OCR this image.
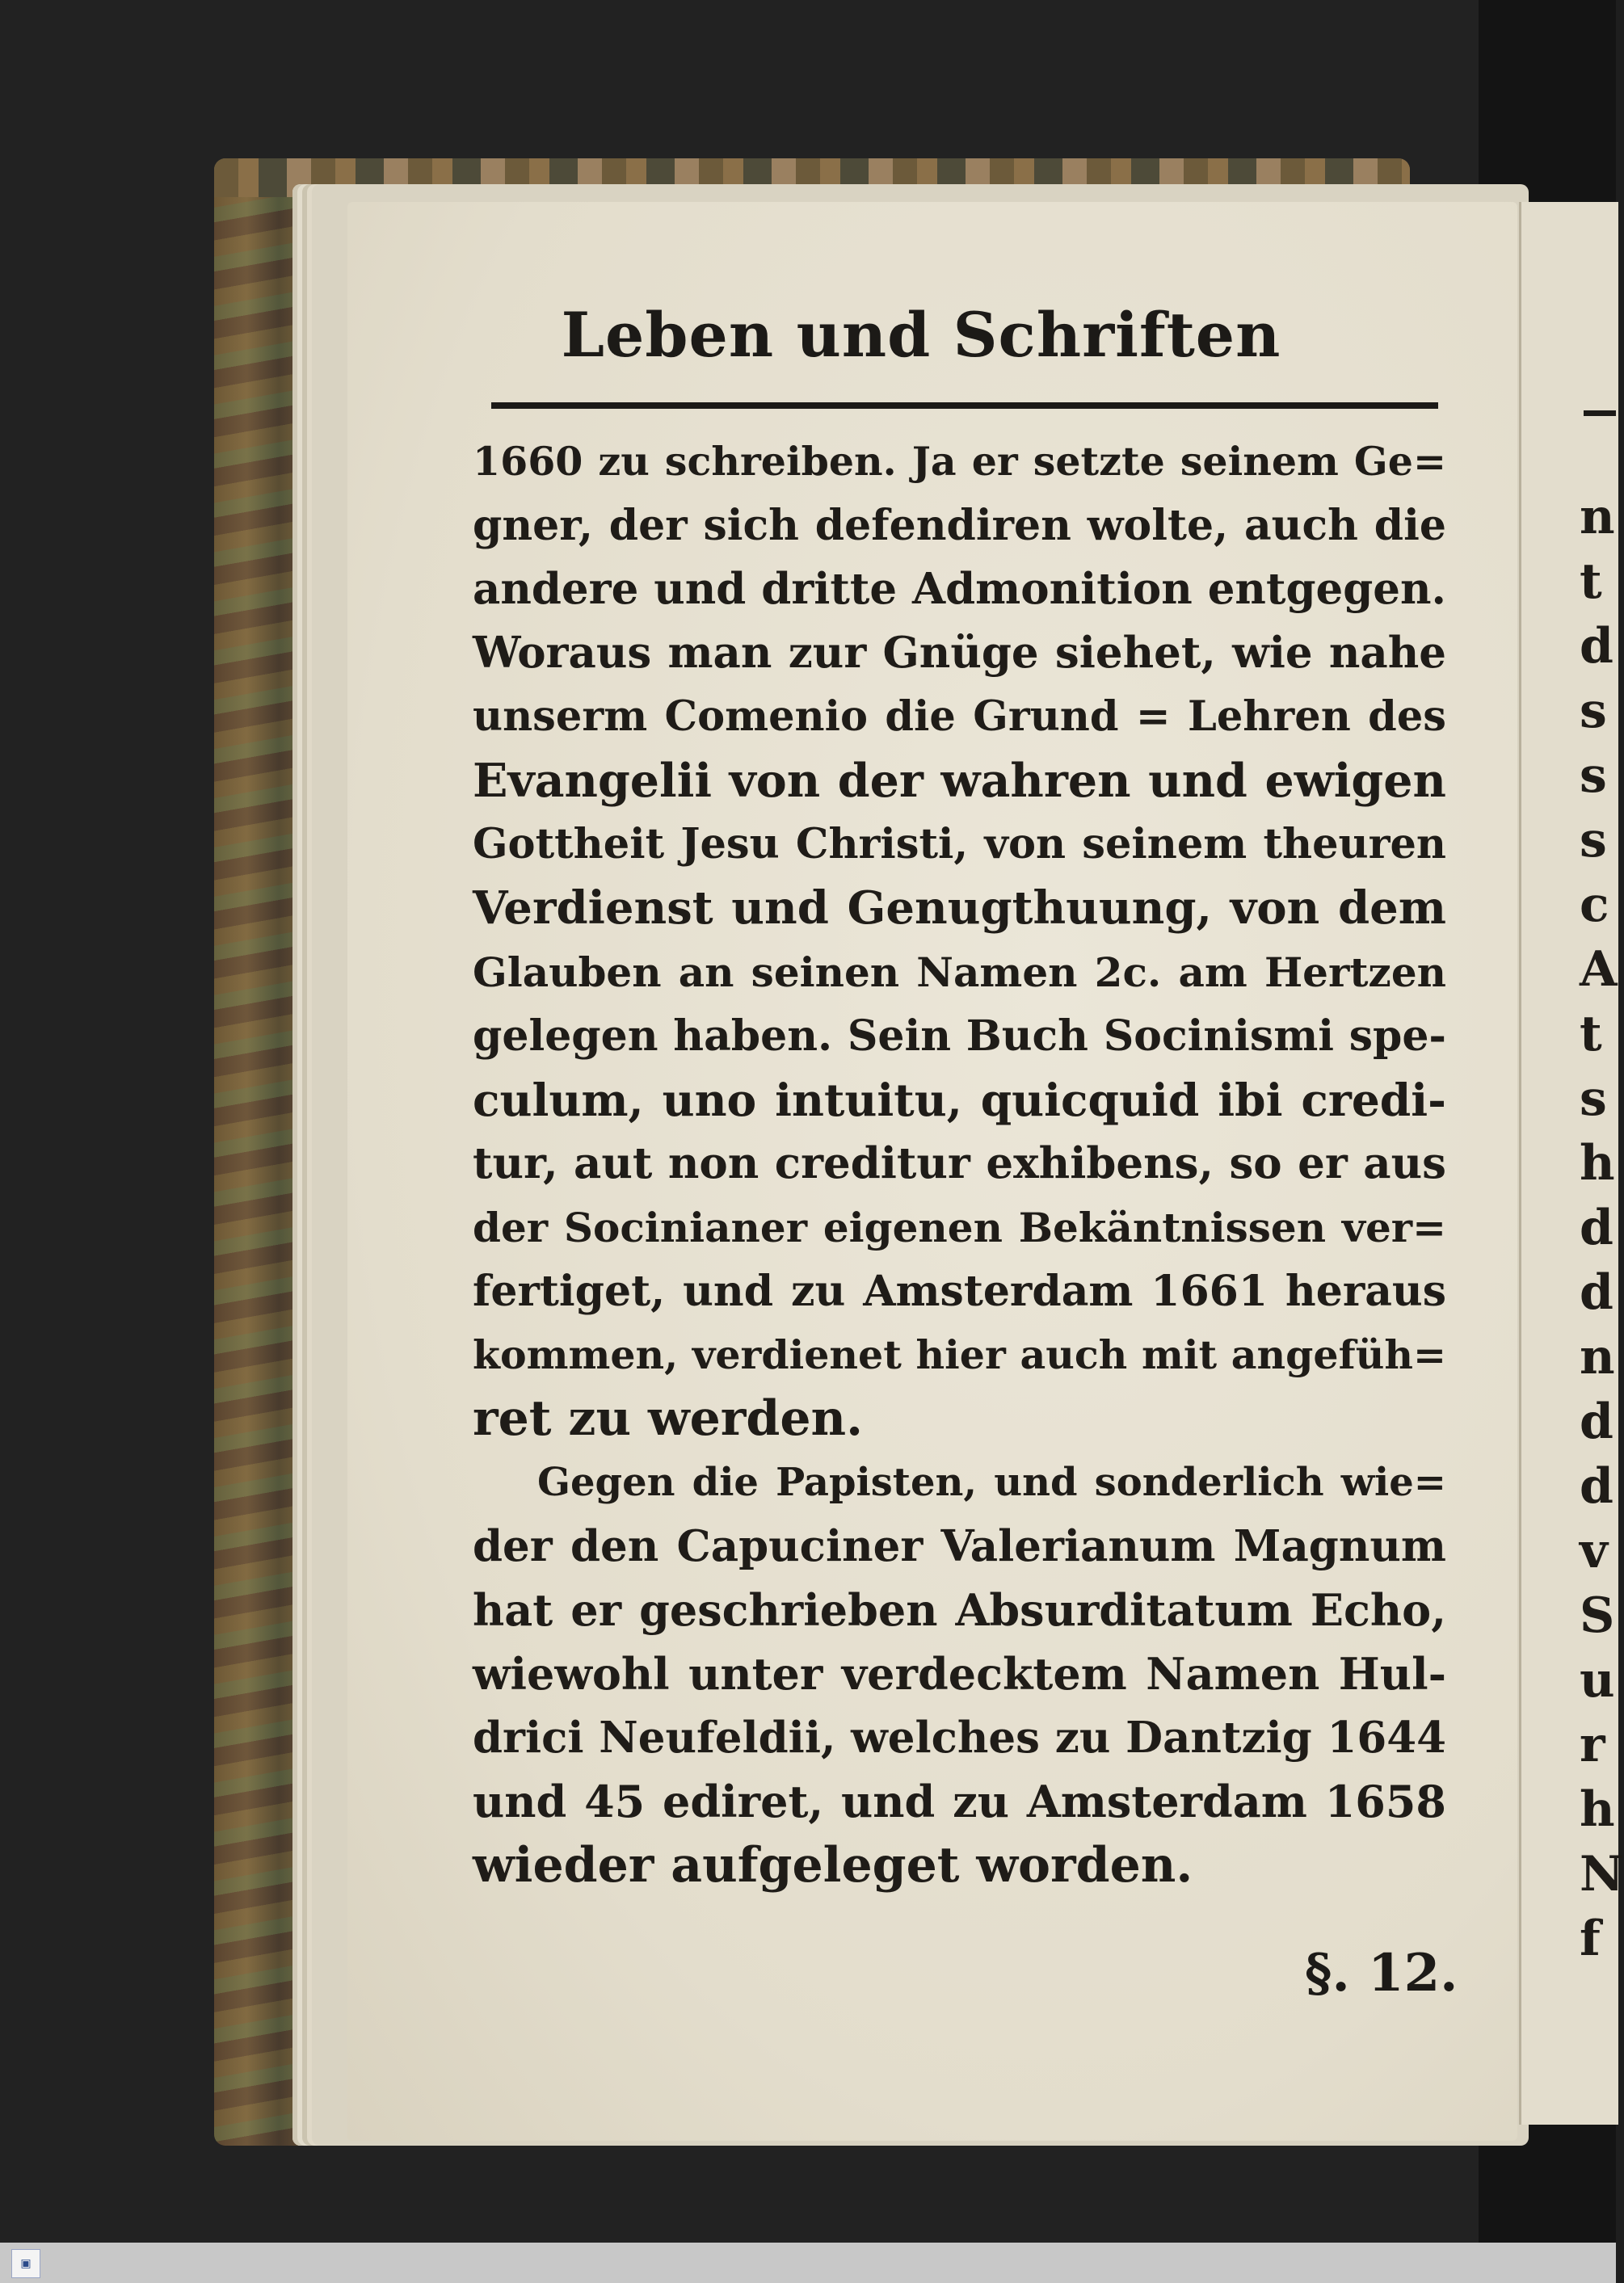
n
t
d
s
s
s
c
A
t
s
h
d
d
n
d
d
v
S
u
r
h
N
f
Leben und Schriften
1660 zu schreiben. Ja er setzte seinem Ge=
gner, der sich defendiren wolte, auch die
andere und dritte Admonition entgegen.
Woraus man zur Gnüge siehet, wie nahe
unserm Comenio die Grund = Lehren des
Evangelii von der wahren und ewigen
Gottheit Jesu Christi, von seinem theuren
Verdienst und Genugthuung, von dem
Glauben an seinen Namen 2c. am Hertzen
gelegen haben. Sein Buch Socinismi spe-
culum, uno intuitu, quicquid ibi credi-
tur, aut non creditur exhibens, so er aus
der Socinianer eigenen Bekäntnissen ver=
fertiget, und zu Amsterdam 1661 heraus
kommen, verdienet hier auch mit angefüh=
ret zu werden.
Gegen die Papisten, und sonderlich wie=
der den Capuciner Valerianum Magnum
hat er geschrieben Absurditatum Echo,
wiewohl unter verdecktem Namen Hul-
drici Neufeldii, welches zu Dantzig 1644
und 45 ediret, und zu Amsterdam 1658
wieder aufgeleget worden.
§. 12.
▣
